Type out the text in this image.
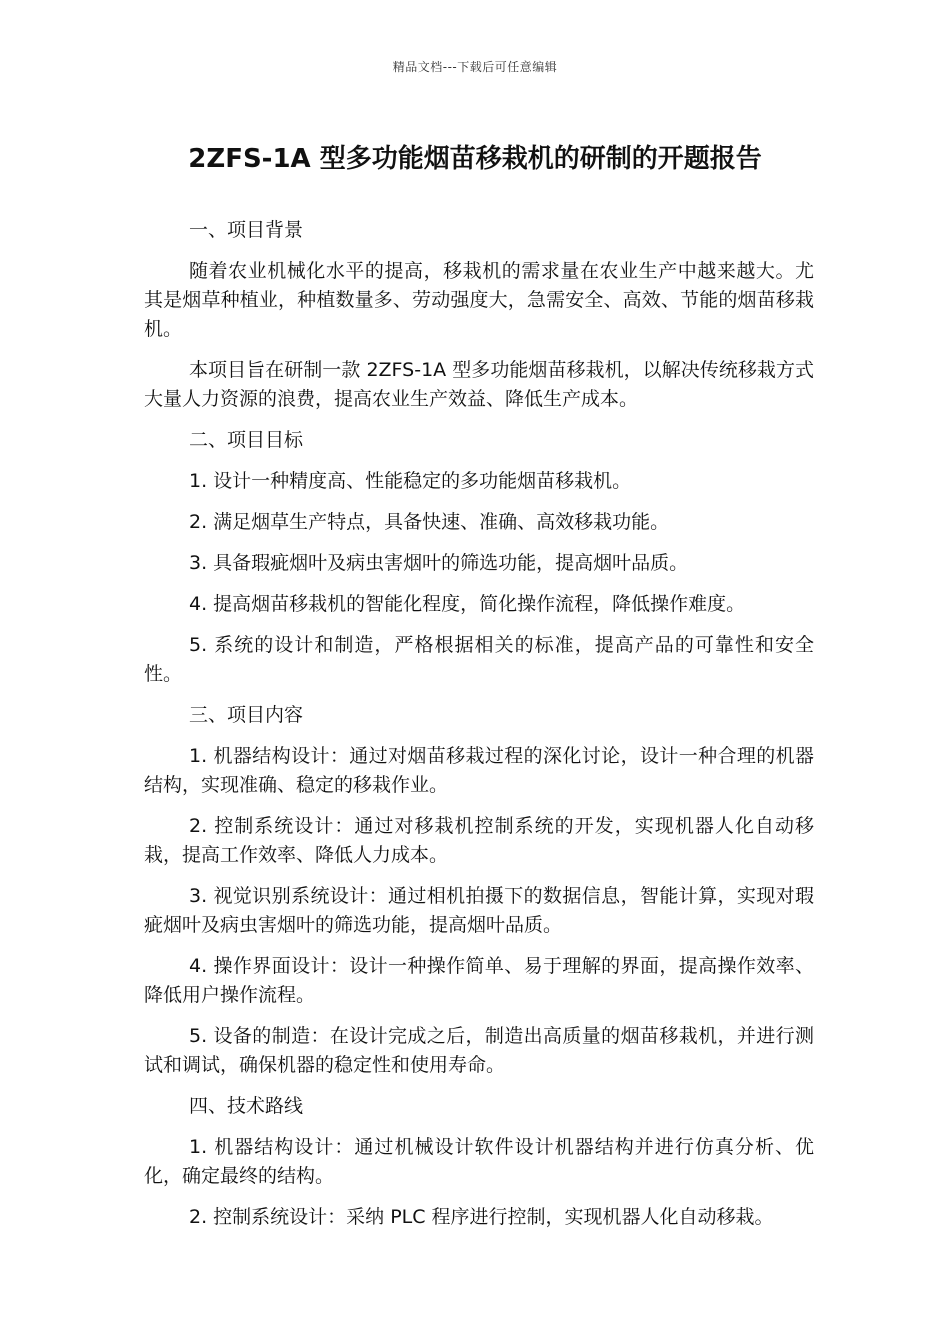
精品文档---下载后可任意编辑
2ZFS-1A 型多功能烟苗移栽机的研制的开题报告

一、项目背景

随着农业机械化水平的提高，移栽机的需求量在农业生产中越来越大。尤其是烟草种植业，种植数量多、劳动强度大，急需安全、高效、节能的烟苗移栽机。

本项目旨在研制一款 2ZFS-1A 型多功能烟苗移栽机，以解决传统移栽方式大量人力资源的浪费，提高农业生产效益、降低生产成本。

二、项目目标

1. 设计一种精度高、性能稳定的多功能烟苗移栽机。

2. 满足烟草生产特点，具备快速、准确、高效移栽功能。

3. 具备瑕疵烟叶及病虫害烟叶的筛选功能，提高烟叶品质。

4. 提高烟苗移栽机的智能化程度，简化操作流程，降低操作难度。

5. 系统的设计和制造，严格根据相关的标准，提高产品的可靠性和安全性。

三、项目内容

1. 机器结构设计：通过对烟苗移栽过程的深化讨论，设计一种合理的机器结构，实现准确、稳定的移栽作业。

2. 控制系统设计：通过对移栽机控制系统的开发，实现机器人化自动移栽，提高工作效率、降低人力成本。

3. 视觉识别系统设计：通过相机拍摄下的数据信息，智能计算，实现对瑕疵烟叶及病虫害烟叶的筛选功能，提高烟叶品质。

4. 操作界面设计：设计一种操作简单、易于理解的界面，提高操作效率、降低用户操作流程。

5. 设备的制造：在设计完成之后，制造出高质量的烟苗移栽机，并进行测试和调试，确保机器的稳定性和使用寿命。

四、技术路线

1. 机器结构设计：通过机械设计软件设计机器结构并进行仿真分析、优化，确定最终的结构。

2. 控制系统设计：采纳 PLC 程序进行控制，实现机器人化自动移栽。
